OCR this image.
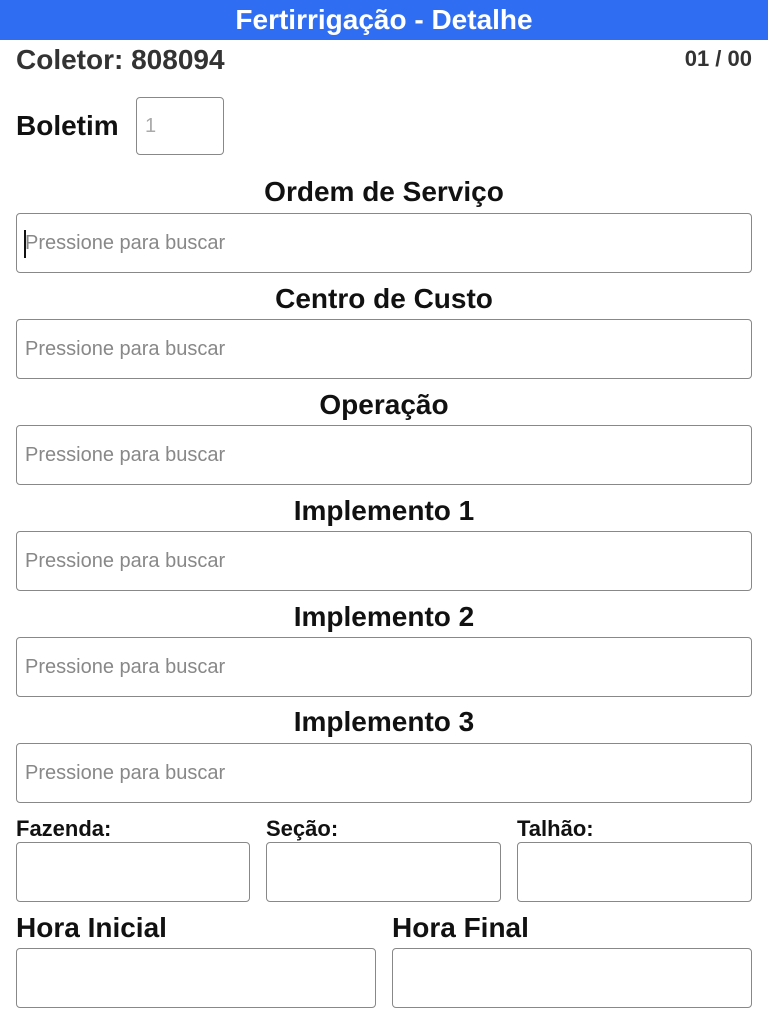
Fertirrigação - Detalhe
Coletor: 808094	01 / 00
Boletim
1
Ordem de Serviço
Pressione para buscar
Centro de Custo
Pressione para buscar
Operação
Pressione para buscar
Implemento 1
Pressione para buscar
Implemento 2
Pressione para buscar
Implemento 3
Pressione para buscar
Fazenda:	Seção:	Talhão:
Hora Inicial	Hora Final
